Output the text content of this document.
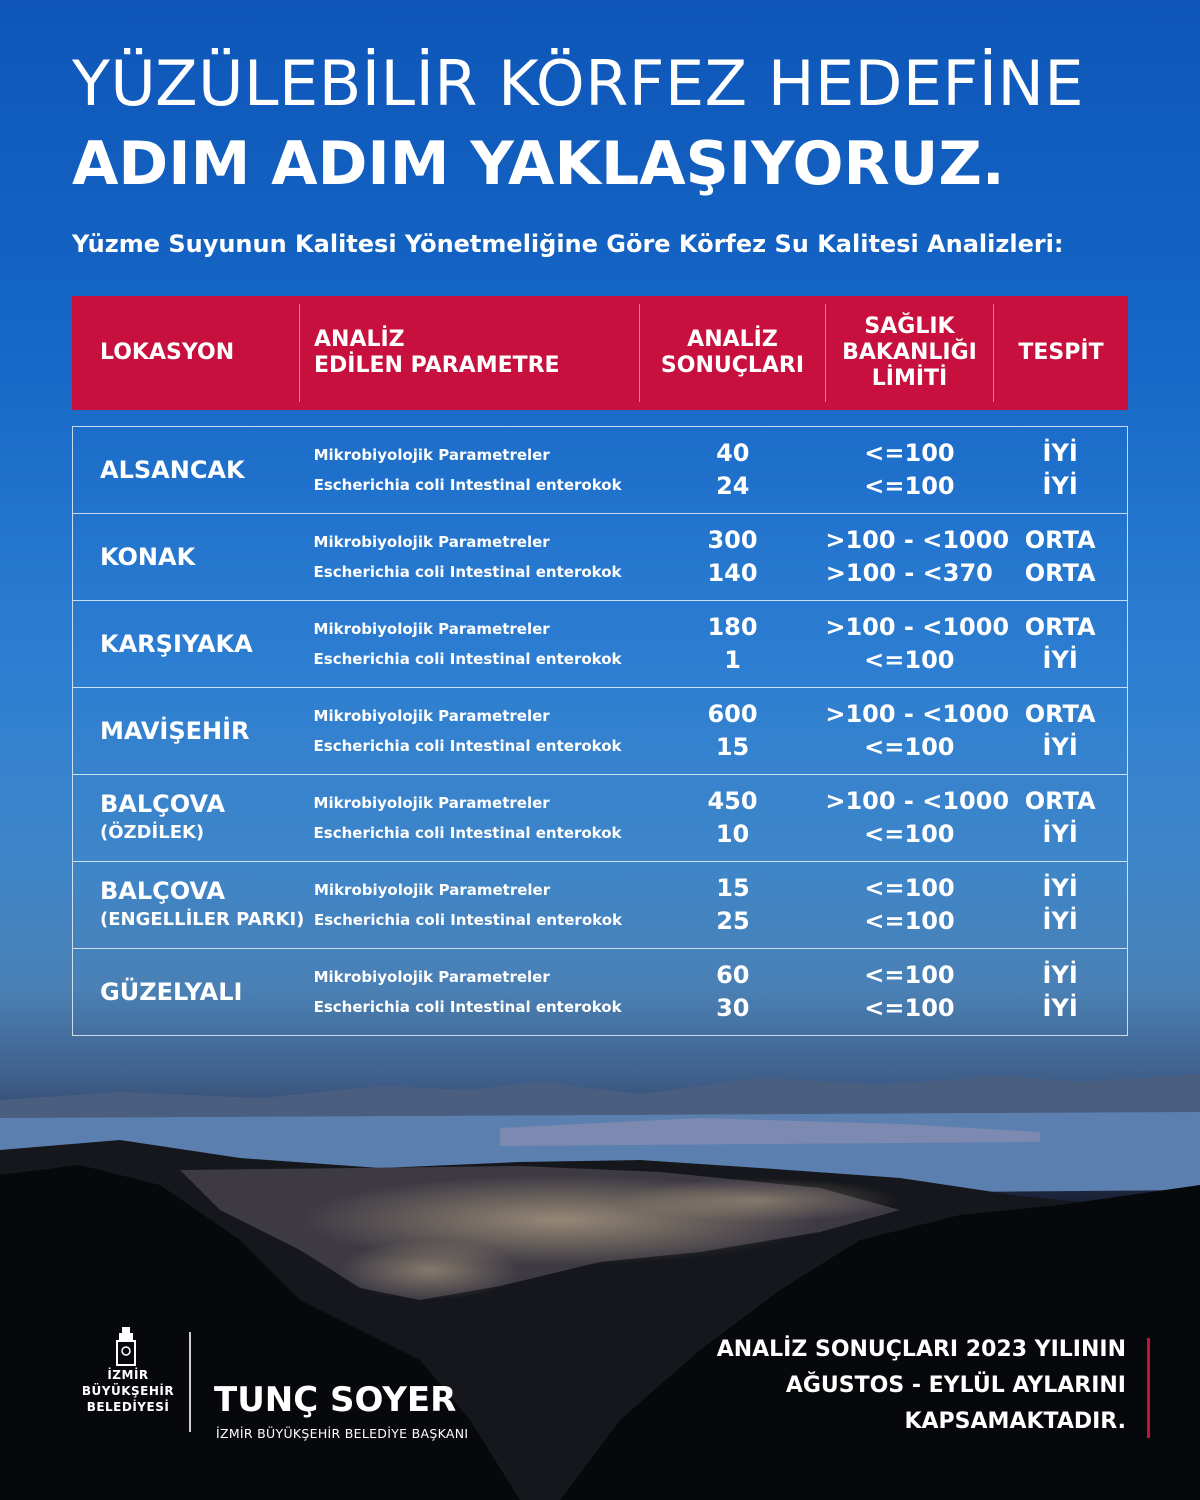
YÜZÜLEBİLİR KÖRFEZ HEDEFİNE
ADIM ADIM YAKLAŞIYORUZ.
Yüzme Suyunun Kalitesi Yönetmeliğine Göre Körfez Su Kalitesi Analizleri:
LOKASYON
ANALİZ
EDİLEN PARAMETRE
ANALİZ
SONUÇLARI
SAĞLIK
BAKANLIĞI
LİMİTİ
TESPİT
ALSANCAK
Mikrobiyolojik Parametreler
Escherichia coli Intestinal enterokok
40
24
<=100
<=100
İYİ
İYİ
KONAK
Mikrobiyolojik Parametreler
Escherichia coli Intestinal enterokok
300
140
>100 - <1000
>100 - <370
ORTA
ORTA
KARŞIYAKA
Mikrobiyolojik Parametreler
Escherichia coli Intestinal enterokok
180
1
>100 - <1000
<=100
ORTA
İYİ
MAVİŞEHİR
Mikrobiyolojik Parametreler
Escherichia coli Intestinal enterokok
600
15
>100 - <1000
<=100
ORTA
İYİ
BALÇOVA
(ÖZDİLEK)
Mikrobiyolojik Parametreler
Escherichia coli Intestinal enterokok
450
10
>100 - <1000
<=100
ORTA
İYİ
BALÇOVA
(ENGELLİLER PARKI)
Mikrobiyolojik Parametreler
Escherichia coli Intestinal enterokok
15
25
<=100
<=100
İYİ
İYİ
GÜZELYALI
Mikrobiyolojik Parametreler
Escherichia coli Intestinal enterokok
60
30
<=100
<=100
İYİ
İYİ
İZMİR
BÜYÜKŞEHİR
BELEDİYESİ TUNÇ SOYER
İZMİR BÜYÜKŞEHİR BELEDİYE BAŞKANI
ANALİZ SONUÇLARI 2023 YILININ
AĞUSTOS - EYLÜL AYLARINI
KAPSAMAKTADIR.
